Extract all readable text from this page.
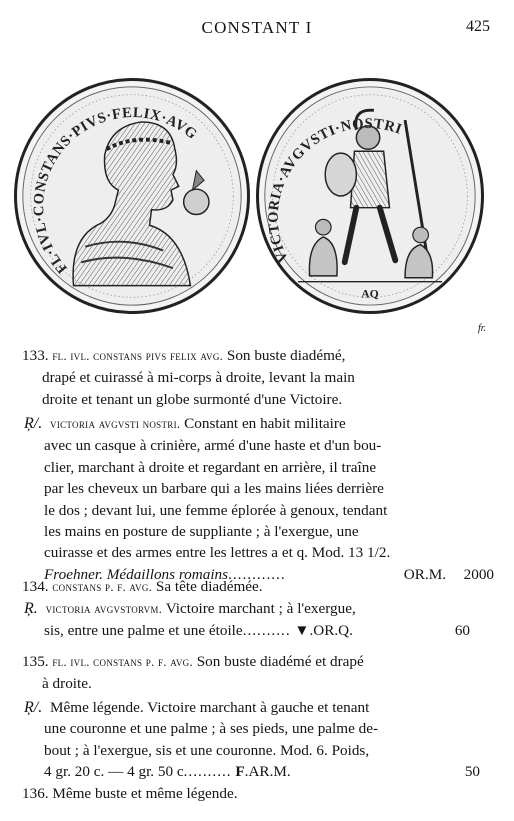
CONSTANT I	425
FL·IVL·CONSTANS·PIVS·FELIX·AVG
AQ
VICTORIA·AVGVSTI·NOSTRI
fr.
133. fl. ivl. constans pivs felix avg. Son buste diadémé,
drapé et cuirassé à mi-corps à droite, levant la main
droite et tenant un globe surmonté d'une Victoire.
Ŗ/. victoria avgvsti nostri. Constant en habit militaire
avec un casque à crinière, armé d'une haste et d'un bou-
clier, marchant à droite et regardant en arrière, il traîne
par les cheveux un barbare qui a les mains liées derrière
le dos ; devant lui, une femme éplorée à genoux, tendant
les mains en posture de suppliante ; à l'exergue, une
cuirasse et des armes entre les lettres a et q. Mod. 13 1/2.
Froehner. Médaillons romains............	OR.M. 2000
134. constans p. f. avg. Sa tête diadémée.
Ŗ. victoria avgvstorvm. Victoire marchant ; à l'exergue,
sis, entre une palme et une étoile.......... ▼.OR.Q.	60
135. fl. ivl. constans p. f. avg. Son buste diadémé et drapé
à droite.
Ŗ/. Même légende. Victoire marchant à gauche et tenant
une couronne et une palme ; à ses pieds, une palme de-
bout ; à l'exergue, sis et une couronne. Mod. 6. Poids,
4 gr. 20 c. — 4 gr. 50 c.......... F.AR.M.	50
136. Même buste et même légende.
